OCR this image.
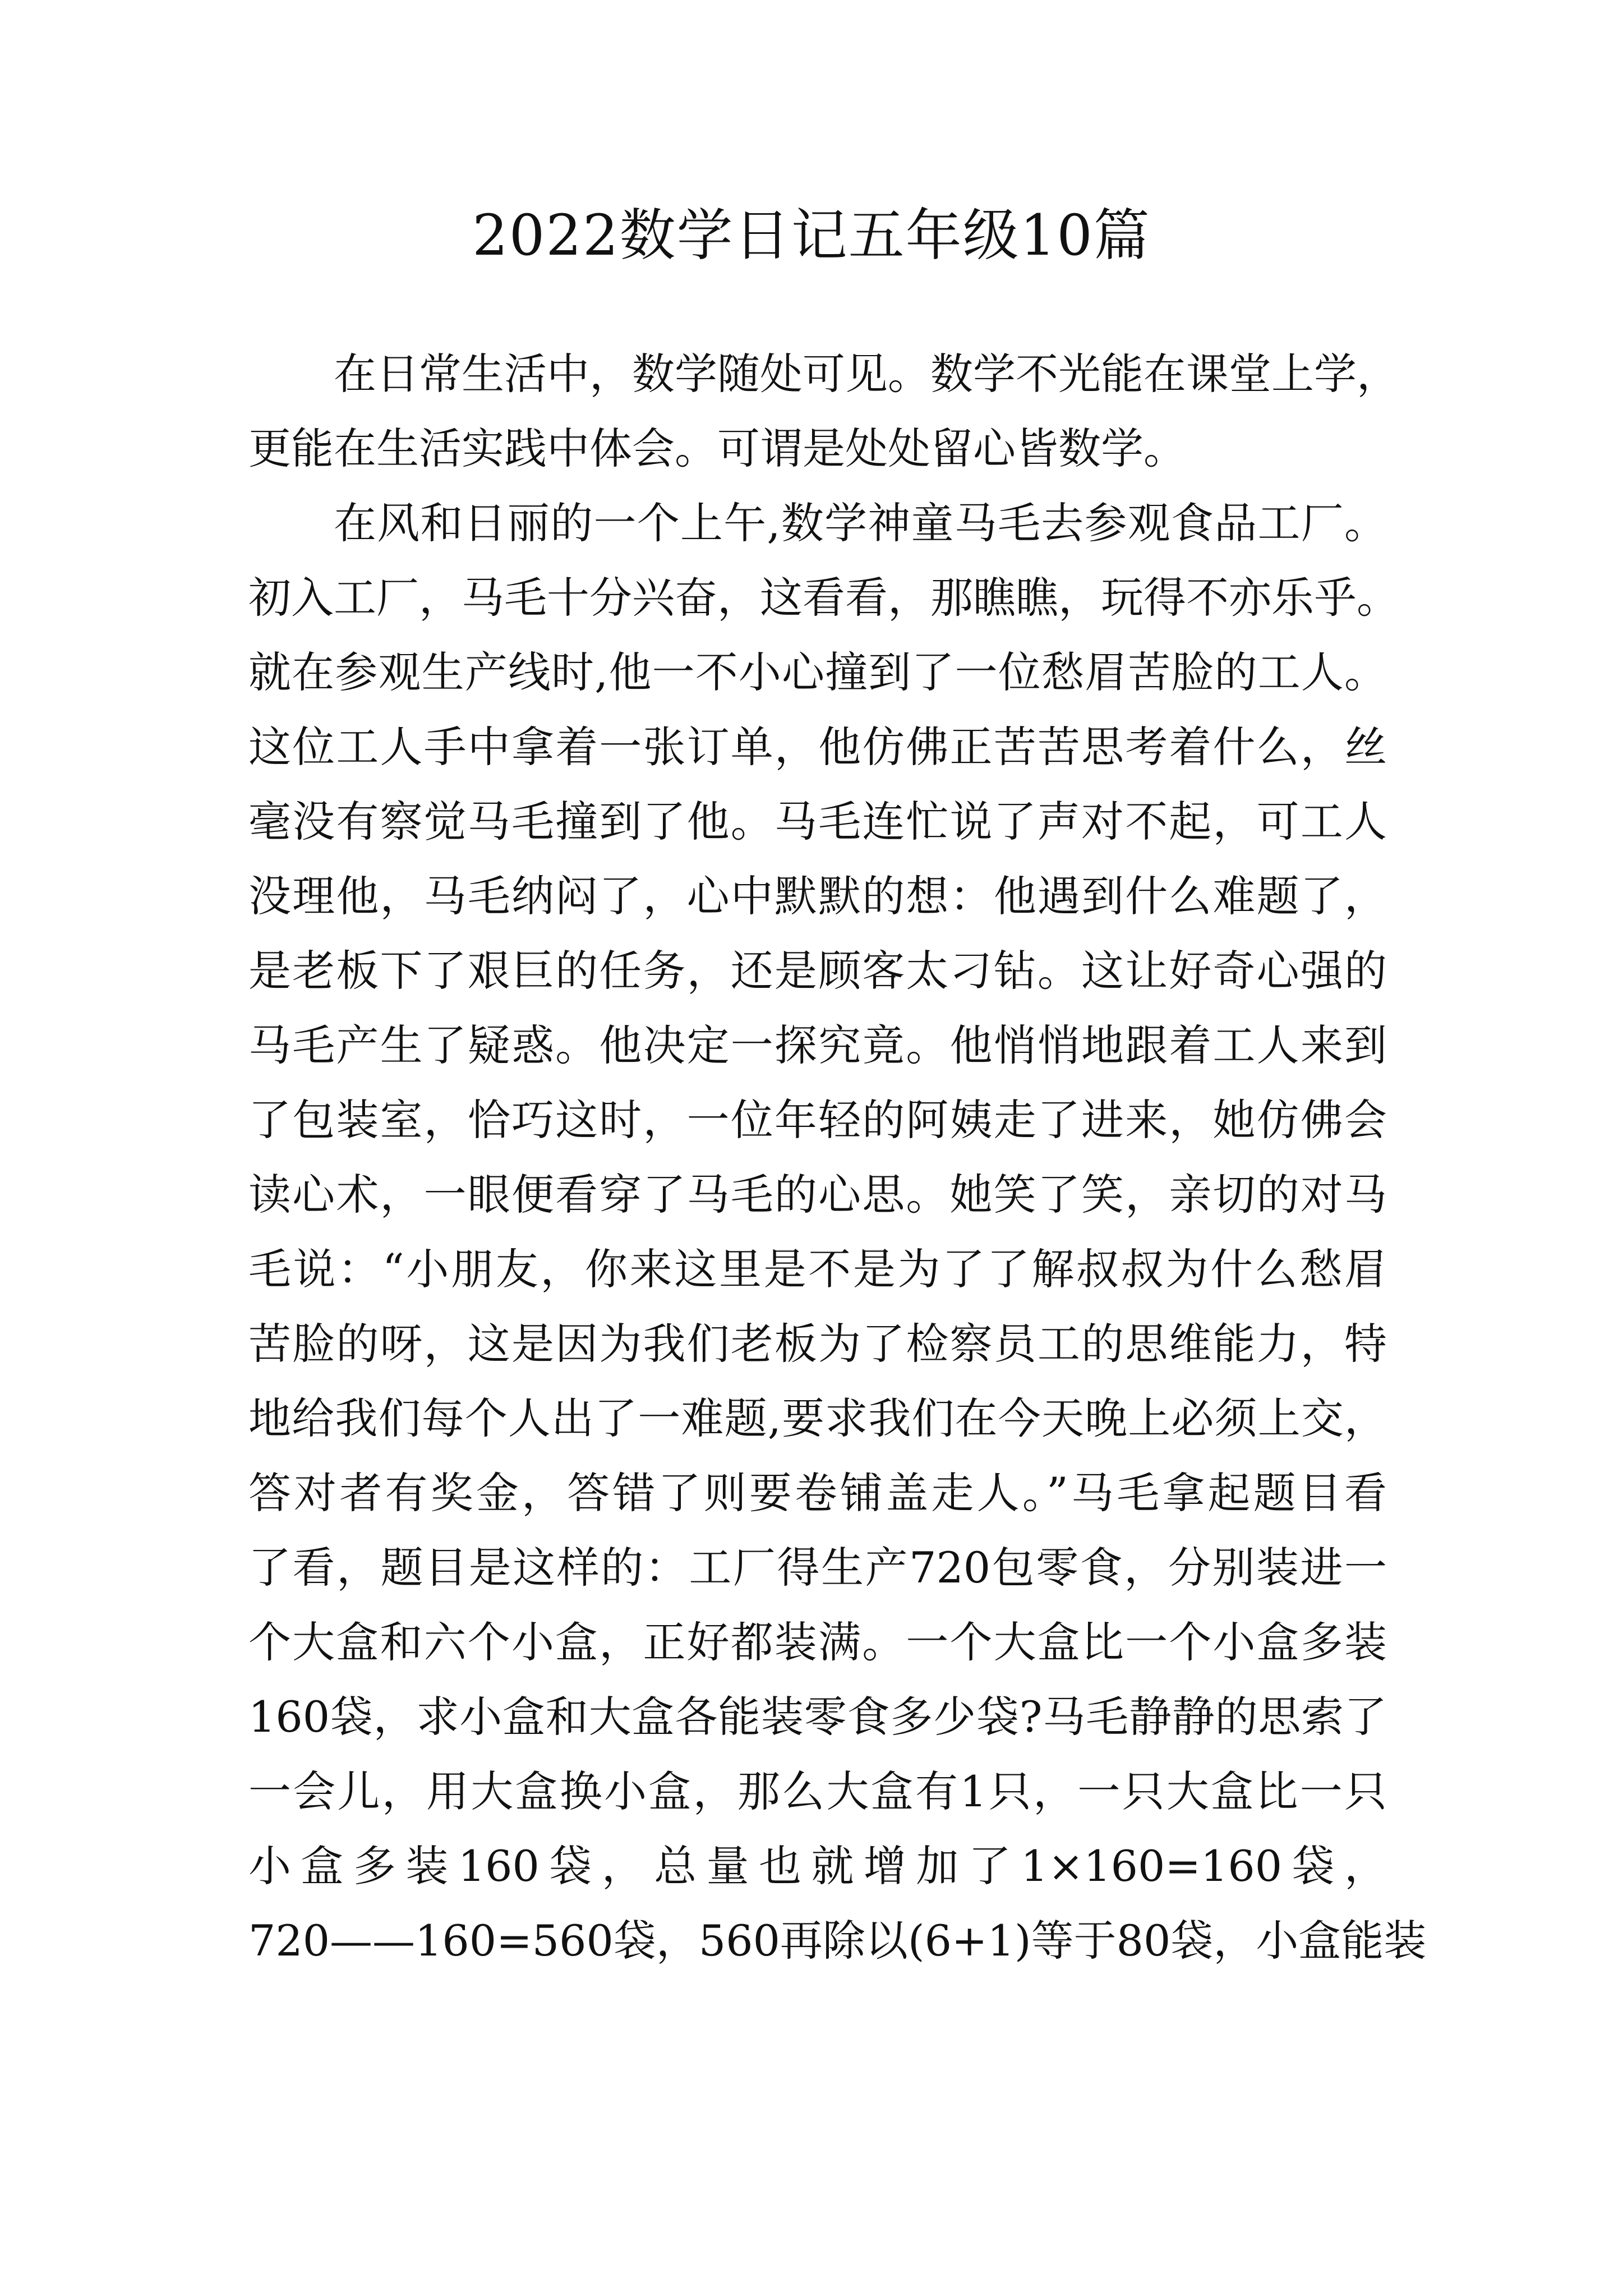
2022数学日记五年级10篇
在日常生活中，数学随处可见。数学不光能在课堂上学，
更能在生活实践中体会。可谓是处处留心皆数学。
在风和日丽的一个上午,数学神童马毛去参观食品工厂。
初入工厂，马毛十分兴奋，这看看，那瞧瞧，玩得不亦乐乎。
就在参观生产线时,他一不小心撞到了一位愁眉苦脸的工人。
这位工人手中拿着一张订单，他仿佛正苦苦思考着什么，丝
毫没有察觉马毛撞到了他。马毛连忙说了声对不起，可工人
没理他，马毛纳闷了，心中默默的想：他遇到什么难题了，
是老板下了艰巨的任务，还是顾客太刁钻。这让好奇心强的
马毛产生了疑惑。他决定一探究竟。他悄悄地跟着工人来到
了包装室，恰巧这时，一位年轻的阿姨走了进来，她仿佛会
读心术，一眼便看穿了马毛的心思。她笑了笑，亲切的对马
毛说：“小朋友，你来这里是不是为了了解叔叔为什么愁眉
苦脸的呀，这是因为我们老板为了检察员工的思维能力，特
地给我们每个人出了一难题,要求我们在今天晚上必须上交，
答对者有奖金，答错了则要卷铺盖走人。”马毛拿起题目看
了看，题目是这样的：工厂得生产720包零食，分别装进一
个大盒和六个小盒，正好都装满。一个大盒比一个小盒多装
160袋，求小盒和大盒各能装零食多少袋?马毛静静的思索了
一会儿，用大盒换小盒，那么大盒有1只，一只大盒比一只
小盒多装160袋，总量也就增加了1×160=160袋，
720——160=560袋，560再除以(6+1)等于80袋，小盒能装
